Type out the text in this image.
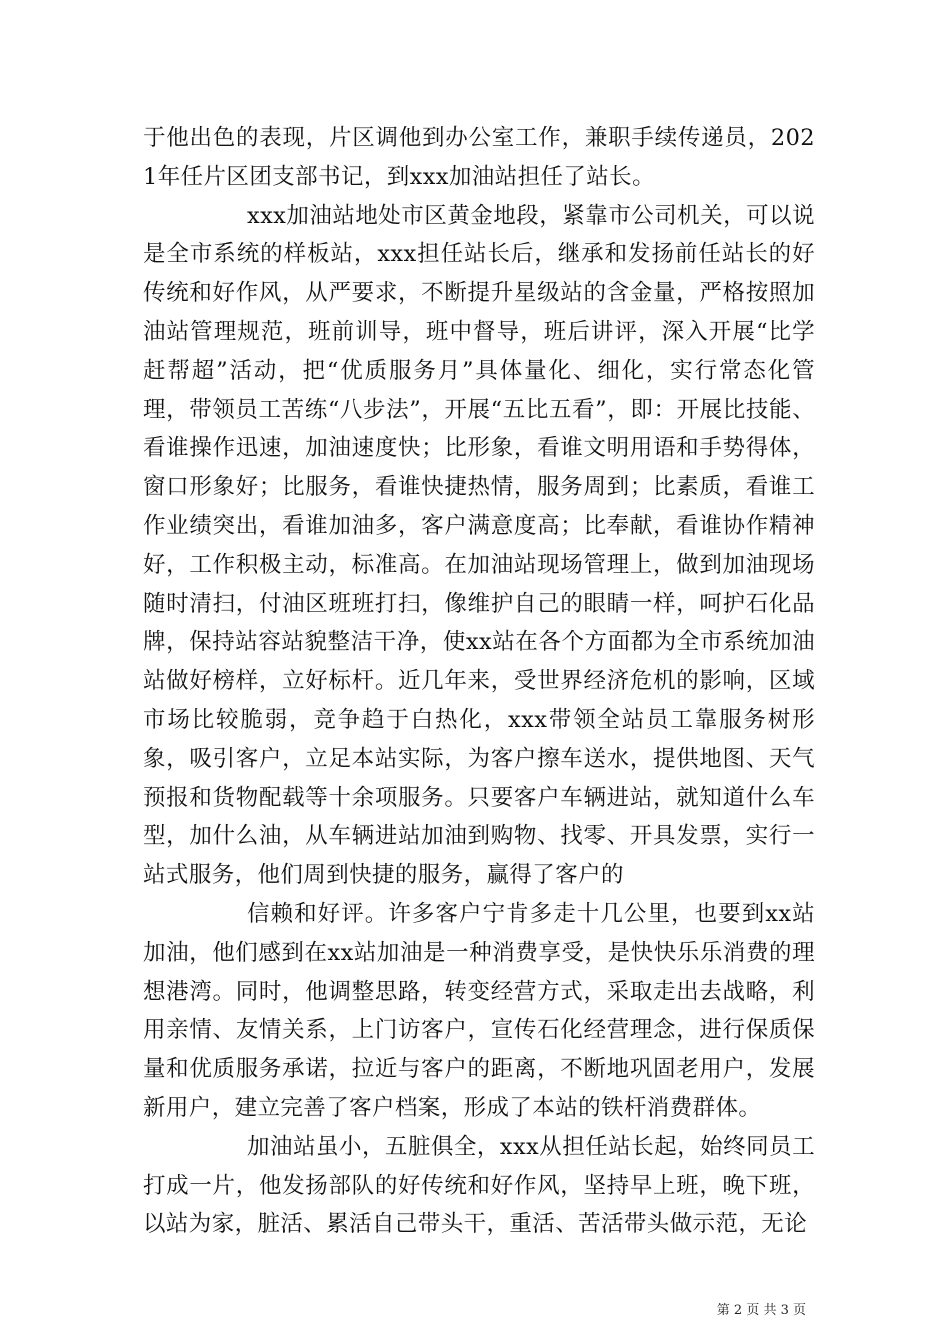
于他出色的表现，片区调他到办公室工作，兼职手续传递员，2021年任片区团支部书记，到xxx加油站担任了站长。

xxx加油站地处市区黄金地段，紧靠市公司机关，可以说是全市系统的样板站，xxx担任站长后，继承和发扬前任站长的好传统和好作风，从严要求，不断提升星级站的含金量，严格按照加油站管理规范，班前训导，班中督导，班后讲评，深入开展“比学赶帮超”活动，把“优质服务月”具体量化、细化，实行常态化管理，带领员工苦练“八步法”，开展“五比五看”，即：开展比技能、看谁操作迅速，加油速度快；比形象，看谁文明用语和手势得体，窗口形象好；比服务，看谁快捷热情，服务周到；比素质，看谁工作业绩突出，看谁加油多，客户满意度高；比奉献，看谁协作精神好，工作积极主动，标准高。在加油站现场管理上，做到加油现场随时清扫，付油区班班打扫，像维护自己的眼睛一样，呵护石化品牌，保持站容站貌整洁干净，使xx站在各个方面都为全市系统加油站做好榜样，立好标杆。近几年来，受世界经济危机的影响，区域市场比较脆弱，竞争趋于白热化，xxx带领全站员工靠服务树形象，吸引客户，立足本站实际，为客户擦车送水，提供地图、天气预报和货物配载等十余项服务。只要客户车辆进站，就知道什么车型，加什么油，从车辆进站加油到购物、找零、开具发票，实行一站式服务，他们周到快捷的服务，赢得了客户的

信赖和好评。许多客户宁肯多走十几公里，也要到xx站加油，他们感到在xx站加油是一种消费享受，是快快乐乐消费的理想港湾。同时，他调整思路，转变经营方式，采取走出去战略，利用亲情、友情关系，上门访客户，宣传石化经营理念，进行保质保量和优质服务承诺，拉近与客户的距离，不断地巩固老用户，发展新用户，建立完善了客户档案，形成了本站的铁杆消费群体。

加油站虽小，五脏俱全，xxx从担任站长起，始终同员工打成一片，他发扬部队的好传统和好作风，坚持早上班，晚下班，以站为家，脏活、累活自己带头干，重活、苦活带头做示范，无论

第 2 页 共 3 页
